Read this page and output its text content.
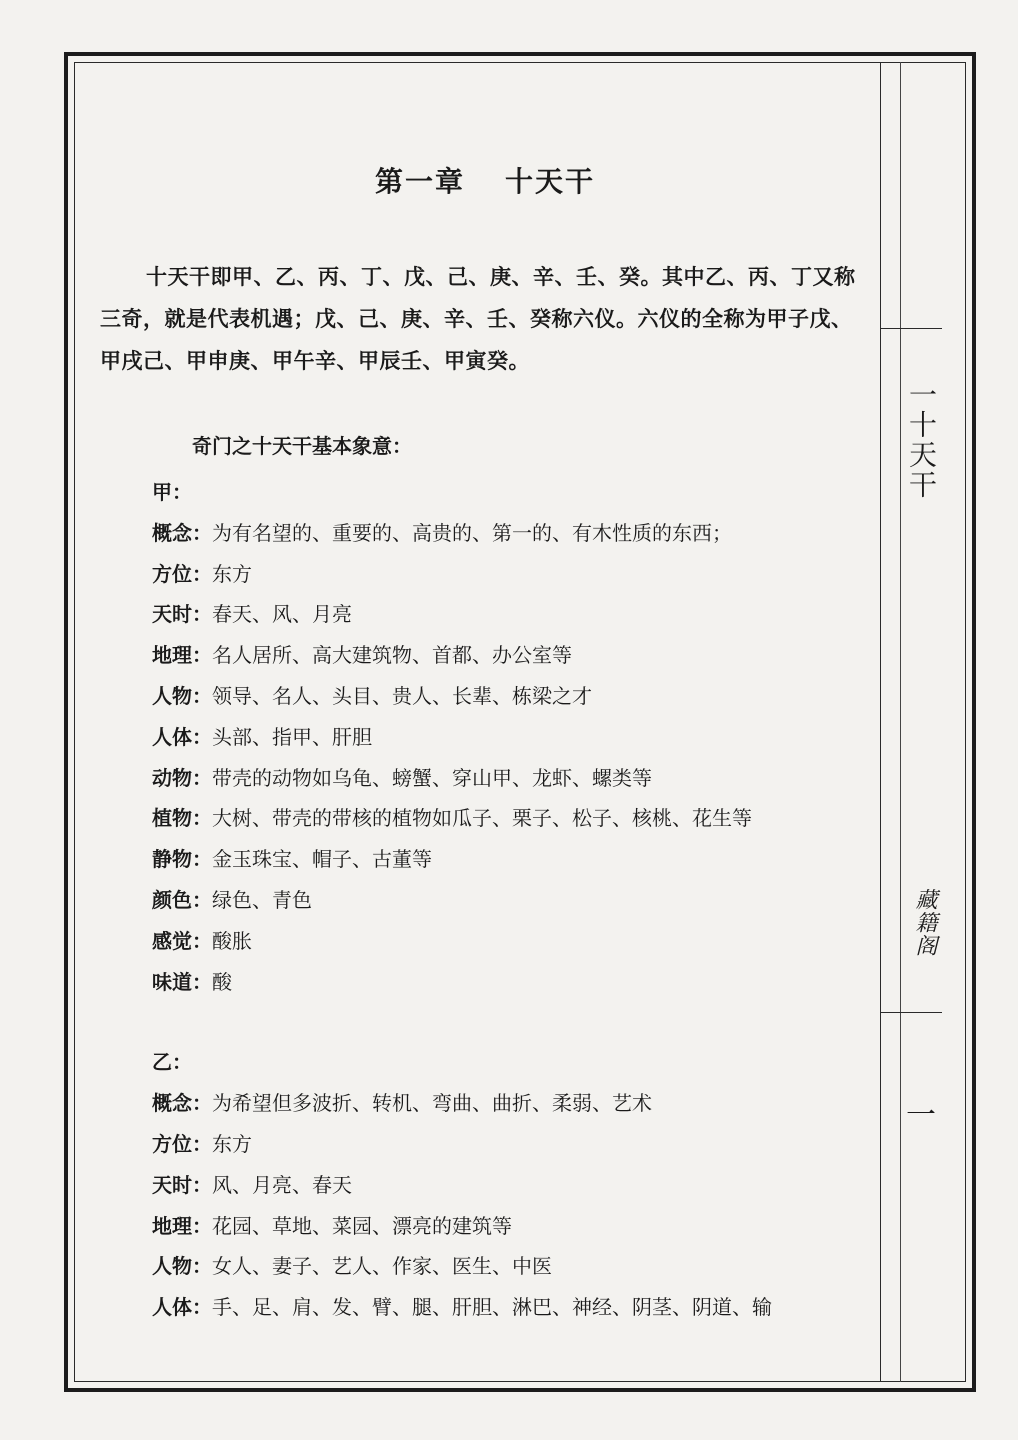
一十天干
藏籍阁
一
第一章 十天干

十天干即甲、乙、丙、丁、戊、己、庚、辛、壬、癸。其中乙、丙、丁又称三奇，就是代表机遇；戊、己、庚、辛、壬、癸称六仪。六仪的全称为甲子戊、甲戌己、甲申庚、甲午辛、甲辰壬、甲寅癸。

奇门之十天干基本象意：
甲：
概念：为有名望的、重要的、高贵的、第一的、有木性质的东西；
方位：东方
天时：春天、风、月亮
地理：名人居所、高大建筑物、首都、办公室等
人物：领导、名人、头目、贵人、长辈、栋梁之才
人体：头部、指甲、肝胆
动物：带壳的动物如乌龟、螃蟹、穿山甲、龙虾、螺类等
植物：大树、带壳的带核的植物如瓜子、栗子、松子、核桃、花生等
静物：金玉珠宝、帽子、古董等
颜色：绿色、青色
感觉：酸胀
味道：酸
乙：
概念：为希望但多波折、转机、弯曲、曲折、柔弱、艺术
方位：东方
天时：风、月亮、春天
地理：花园、草地、菜园、漂亮的建筑等
人物：女人、妻子、艺人、作家、医生、中医
人体：手、足、肩、发、臂、腿、肝胆、淋巴、神经、阴茎、阴道、输
